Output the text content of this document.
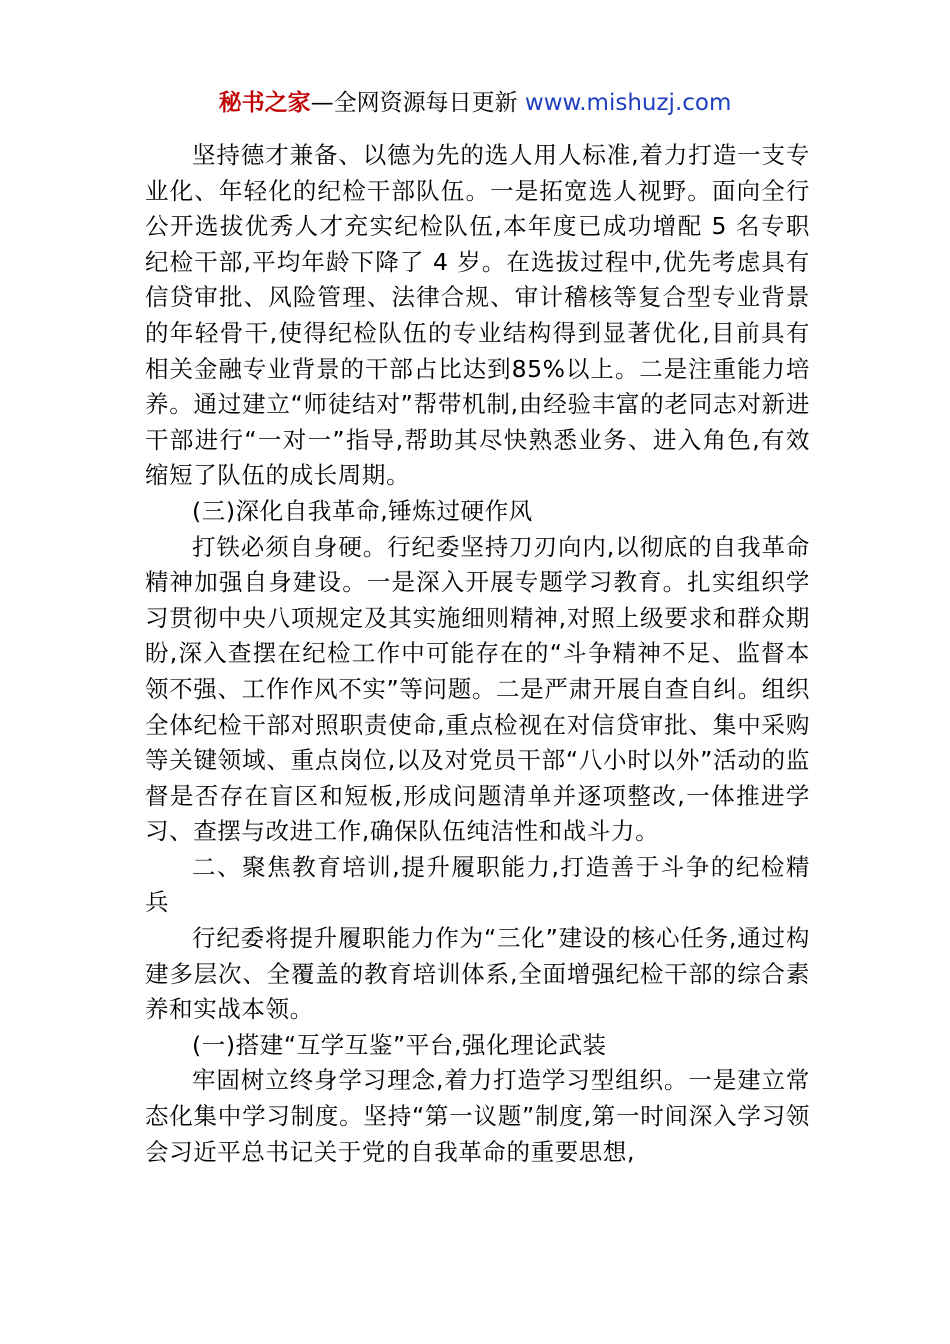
秘书之家—全网资源每日更新 www.mishuzj.com

坚持德才兼备、以德为先的选人用人标准,着力打造一支专业化、年轻化的纪检干部队伍。一是拓宽选人视野。面向全行公开选拔优秀人才充实纪检队伍,本年度已成功增配 5 名专职纪检干部,平均年龄下降了 4 岁。在选拔过程中,优先考虑具有信贷审批、风险管理、法律合规、审计稽核等复合型专业背景的年轻骨干,使得纪检队伍的专业结构得到显著优化,目前具有相关金融专业背景的干部占比达到85%以上。二是注重能力培养。通过建立“师徒结对”帮带机制,由经验丰富的老同志对新进干部进行“一对一”指导,帮助其尽快熟悉业务、进入角色,有效缩短了队伍的成长周期。

(三)深化自我革命,锤炼过硬作风

打铁必须自身硬。行纪委坚持刀刃向内,以彻底的自我革命精神加强自身建设。一是深入开展专题学习教育。扎实组织学习贯彻中央八项规定及其实施细则精神,对照上级要求和群众期盼,深入查摆在纪检工作中可能存在的“斗争精神不足、监督本领不强、工作作风不实”等问题。二是严肃开展自查自纠。组织全体纪检干部对照职责使命,重点检视在对信贷审批、集中采购等关键领域、重点岗位,以及对党员干部“八小时以外”活动的监督是否存在盲区和短板,形成问题清单并逐项整改,一体推进学习、查摆与改进工作,确保队伍纯洁性和战斗力。

二、聚焦教育培训,提升履职能力,打造善于斗争的纪检精兵

行纪委将提升履职能力作为“三化”建设的核心任务,通过构建多层次、全覆盖的教育培训体系,全面增强纪检干部的综合素养和实战本领。

(一)搭建“互学互鉴”平台,强化理论武装

牢固树立终身学习理念,着力打造学习型组织。一是建立常态化集中学习制度。坚持“第一议题”制度,第一时间深入学习领会习近平总书记关于党的自我革命的重要思想,
